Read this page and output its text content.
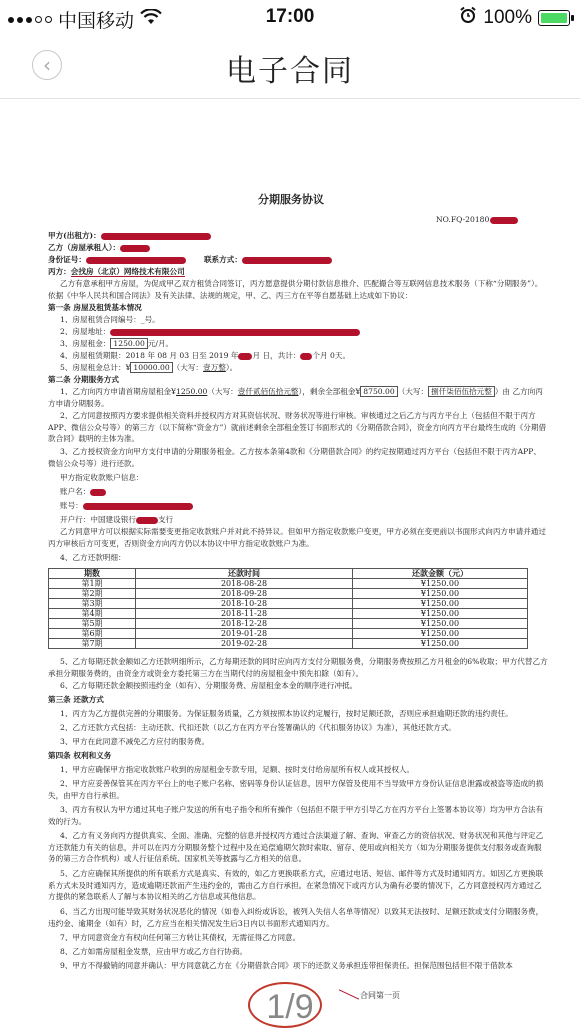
中国移动	17:00	100%
‹	电子合同
分期服务协议
NO.FQ-20180
甲方(出租方)：
乙方（房屋承租人）：
身份证号：	联系方式：
丙方：会找房（北京）网络技术有限公司
乙方有意承租甲方房屋，为促成甲乙双方租赁合同签订，丙方愿意提供分期付款信息推介、匹配撮合等互联网信息技术服务（下称“分期服务”）。依据《中华人民共和国合同法》及有关法律、法规的规定，甲、乙、丙三方在平等自愿基础上达成如下协议：
第一条 房屋及租赁基本情况
1、房屋租赁合同编号：_号。
2、房屋地址：
3、房屋租金： 1250.00 元/月。
4、房屋租赁期限：2018 年 08 月 03 日至 2019 年 月 日，共计： 个月 0天。
5、房屋租金总计：¥ 10000.00 （大写：壹万整）。
第二条 分期服务方式
1、乙方向丙方申请首期房屋租金¥1250.00（大写：壹仟贰佰伍拾元整），剩余全部租金¥ 8750.00 （大写： 捌仟柒佰伍拾元整 ）由 乙方向丙方申请分期服务。
2、乙方同意按照丙方要求提供相关资料并授权丙方对其资信状况、财务状况等进行审核。审核通过之后乙方与丙方平台上（包括但不限于丙方APP、微信公众号等）的第三方（以下简称“资金方”）就前述剩余全部租金签订书面形式的《分期借款合同》，资金方向丙方平台最终生成的《分期借款合同》载明的主体为准。
3、乙方授权资金方向甲方支付申请的分期服务租金。乙方按本条第4款和《分期借款合同》的约定按期通过丙方平台（包括但不限于丙方APP、微信公众号等）进行还款。
甲方指定收款账户信息：
账户名：
账号：
开户行：中国建设银行	支行
乙方同意甲方可以根据实际需要变更指定收款账户并对此不持异议。但如甲方指定收款账户变更，甲方必须在变更前以书面形式向丙方申请并通过丙方审核后方可变更，否则资金方向丙方仍以本协议中甲方指定收款账户为准。
4、乙方还款明细：
期数	还款时间	还款金额（元）
第1期	2018-08-28	¥1250.00
第2期	2018-09-28	¥1250.00
第3期	2018-10-28	¥1250.00
第4期	2018-11-28	¥1250.00
第5期	2018-12-28	¥1250.00
第6期	2019-01-28	¥1250.00
第7期	2019-02-28	¥1250.00
5、乙方每期还款金额如乙方还款明细所示，乙方每期还款的同时应向丙方支付分期服务费，分期服务费按照乙方月租金的6%收取；甲方代替乙方承担分期服务费的，由资金方或资金方委托第三方在当期代付的房屋租金中预先扣除（如有）。
6、乙方每期还款金额按照违约金（如有）、分期服务费、房屋租金本金的顺序进行冲抵。
第三条 还款方式
1、丙方为乙方提供完善的分期服务。为保证服务质量，乙方须按照本协议约定履行，按时足额还款，否则应承担逾期还款的违约责任。
2、乙方还款方式包括：主动还款、代扣还款（以乙方在丙方平台签署确认的《代扣服务协议》为准），其他还款方式。
3、甲方在此同意不减免乙方应付的服务费。
第四条 权利和义务
1、甲方应确保甲方指定收款账户收到的房屋租金专款专用，足额、按时支付给房屋所有权人或其授权人。
2、甲方应妥善保管其在丙方平台上的电子账户名称、密码等身份认证信息，因甲方保管及使用不当导致甲方身份认证信息泄露或被盗等造成的损失，由甲方自行承担。
3、丙方有权认为甲方通过其电子账户发送的所有电子指令和所有操作（包括但不限于甲方引导乙方在丙方平台上签署本协议等）均为甲方合法有效的行为。
4、乙方有义务向丙方提供真实、全面、准确、完整的信息并授权丙方通过合法渠道了解、查询、审查乙方的资信状况、财务状况和其他与评定乙方还款能力有关的信息，并可以在丙方分期服务整个过程中及在追偿逾期欠款时索取、留存、使用或向相关方（如为分期服务提供支付服务或查询服务的第三方合作机构）或人行征信系统、国家机关等披露与乙方相关的信息。
5、乙方应确保其所提供的所有联系方式是真实、有效的，如乙方更换联系方式，应通过电话、短信、邮件等方式及时通知丙方。如因乙方更换联系方式未及时通知丙方，造成逾期还款而产生违约金的，需由乙方自行承担。在紧急情况下或丙方认为确有必要的情况下，乙方同意授权丙方通过乙方提供的紧急联系人了解与本协议相关的乙方信息或其他信息。
6、当乙方出现可能导致其财务状况恶化的情况（如卷入纠纷或诉讼，被列入失信人名单等情况）以致其无法按时、足额还款或支付分期服务费，违约金、逾期金（如有）时，乙方应当在相关情况发生后3日内以书面形式通知丙方。
7、甲方同意资金方有权向任何第三方转让其债权，无需征得乙方同意。
8、乙方如需房屋租金发票，应由甲方或乙方自行协商。
9、甲方不得撤销的同意并确认：甲方同意就乙方在《分期借款合同》项下的还款义务承担连带担保责任。担保范围包括但不限于借款本
合同第一页
1/9
